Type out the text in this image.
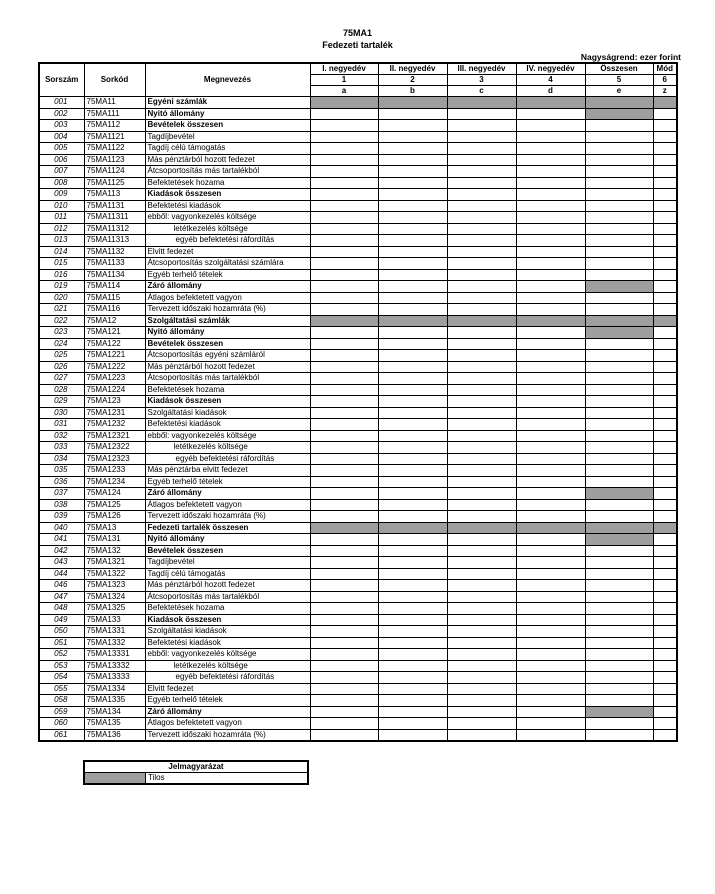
75MA1
Fedezeti tartalék
Nagyságrend: ezer forint
Sorszám	Sorkód	Megnevezés	I. negyedév	II. negyedév	III. negyedév	IV. negyedév	Összesen	Mód
			1	2	3	4	5	6
			a	b	c	d	e	z
001	75MA11	Egyéni számlák						
002	75MA111	Nyitó állomány						
003	75MA112	Bevételek összesen						
004	75MA1121	Tagdíjbevétel						
005	75MA1122	Tagdíj célú támogatás						
006	75MA1123	Más pénztárból hozott fedezet						
007	75MA1124	Átcsoportosítás más tartalékból						
008	75MA1125	Befektetések hozama						
009	75MA113	Kiadások összesen						
010	75MA1131	Befektetési kiadások						
011	75MA11311	ebből: vagyonkezelés költsége						
012	75MA11312	letétkezelés költsége						
013	75MA11313	egyéb befektetési ráfordítás						
014	75MA1132	Elvitt fedezet						
015	75MA1133	Átcsoportosítás szolgáltatási számlára						
016	75MA1134	Egyéb terhelő tételek						
019	75MA114	Záró állomány						
020	75MA115	Átlagos befektetett vagyon						
021	75MA116	Tervezett időszaki hozamráta (%)						
022	75MA12	Szolgáltatási számlák						
023	75MA121	Nyitó állomány						
024	75MA122	Bevételek összesen						
025	75MA1221	Átcsoportosítás egyéni számláról						
026	75MA1222	Más pénztárból hozott fedezet						
027	75MA1223	Átcsoportosítás más tartalékból						
028	75MA1224	Befektetések hozama						
029	75MA123	Kiadások összesen						
030	75MA1231	Szolgáltatási kiadások						
031	75MA1232	Befektetési kiadások						
032	75MA12321	ebből: vagyonkezelés költsége						
033	75MA12322	letétkezelés költsége						
034	75MA12323	egyéb befektetési ráfordítás						
035	75MA1233	Más pénztárba elvitt fedezet						
036	75MA1234	Egyéb terhelő tételek						
037	75MA124	Záró állomány						
038	75MA125	Átlagos befektetett vagyon						
039	75MA126	Tervezett időszaki hozamráta (%)						
040	75MA13	Fedezeti tartalék összesen						
041	75MA131	Nyitó állomány						
042	75MA132	Bevételek összesen						
043	75MA1321	Tagdíjbevétel						
044	75MA1322	Tagdíj célú támogatás						
046	75MA1323	Más pénztárból hozott fedezet						
047	75MA1324	Átcsoportosítás más tartalékból						
048	75MA1325	Befektetések hozama						
049	75MA133	Kiadások összesen						
050	75MA1331	Szolgáltatási kiadások						
051	75MA1332	Befektetési kiadások						
052	75MA13331	ebből: vagyonkezelés költsége						
053	75MA13332	letétkezelés költsége						
054	75MA13333	egyéb befektetési ráfordítás						
055	75MA1334	Elvitt fedezet						
058	75MA1335	Egyéb terhelő tételek						
059	75MA134	Záró állomány						
060	75MA135	Átlagos befektetett vagyon						
061	75MA136	Tervezett időszaki hozamráta (%)						
Jelmagyarázat
	Tilos
